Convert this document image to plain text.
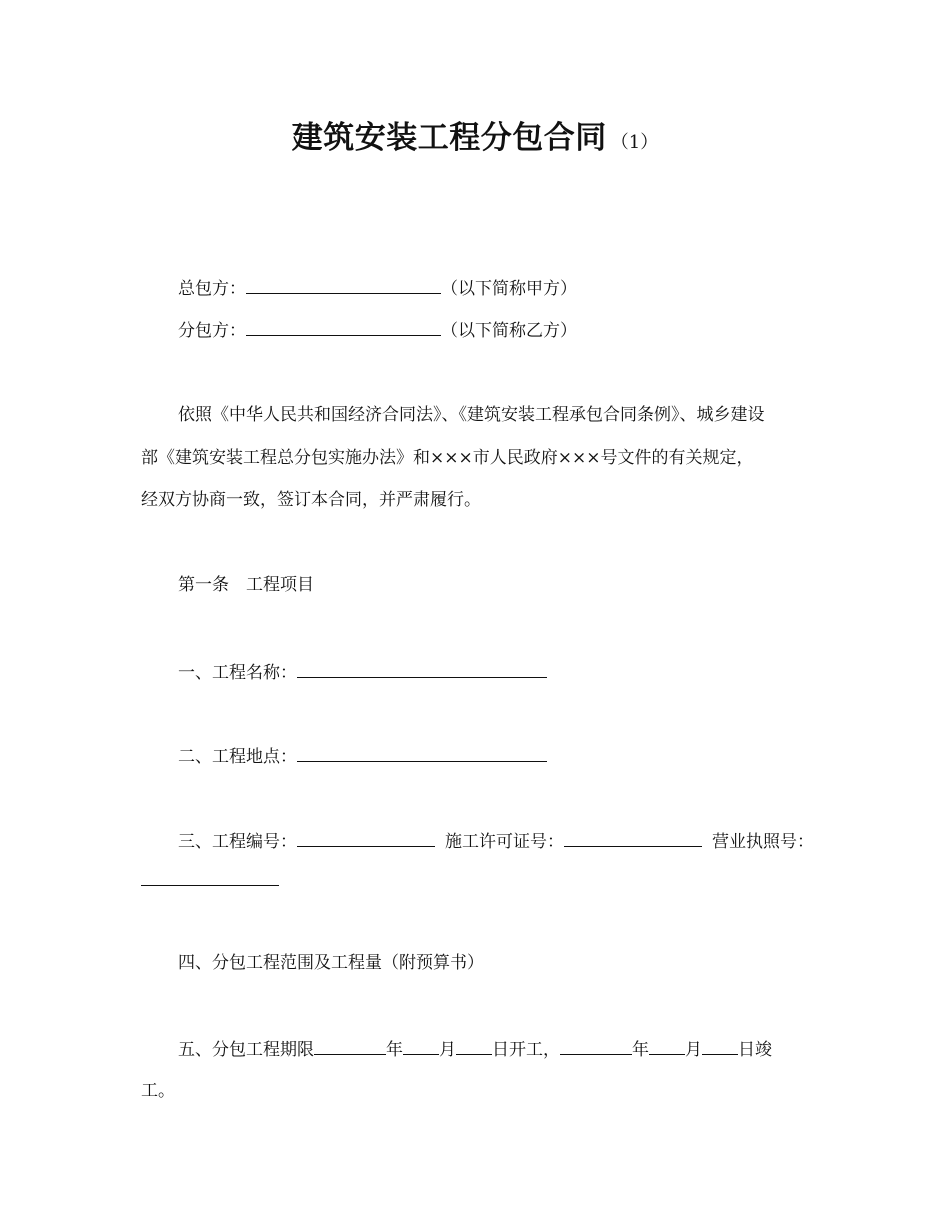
建筑安装工程分包合同 （1）
总包方：	（以下简称甲方）
分包方：	（以下简称乙方）
依照《中华人民共和国经济合同法》、《建筑安装工程承包合同条例》、城乡建设
部《建筑安装工程总分包实施办法》和×××市人民政府×××号文件的有关规定，
经双方协商一致，签订本合同，并严肃履行。
第一条　工程项目
一、工程名称：
二、工程地点：
三、工程编号：	施工许可证号：	营业执照号：
四、分包工程范围及工程量（附预算书）
五、分包工程期限	年 月 日开工，	年 月 日竣
工。
